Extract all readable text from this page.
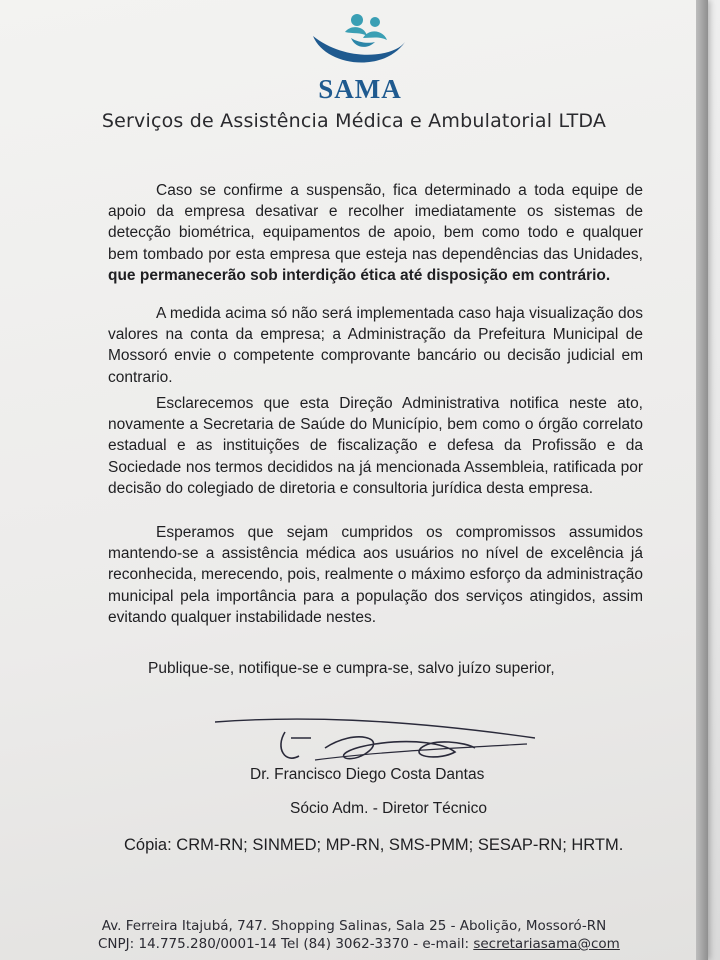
SAMA
Serviços de Assistência Médica e Ambulatorial LTDA

Caso se confirme a suspensão, fica determinado a toda equipe de apoio da empresa desativar e recolher imediatamente os sistemas de detecção biométrica, equipamentos de apoio, bem como todo e qualquer bem tombado por esta empresa que esteja nas dependências das Unidades, que permanecerão sob interdição ética até disposição em contrário.

A medida acima só não será implementada caso haja visualização dos valores na conta da empresa; a Administração da Prefeitura Municipal de Mossoró envie o competente comprovante bancário ou decisão judicial em contrario.

Esclarecemos que esta Direção Administrativa notifica neste ato, novamente a Secretaria de Saúde do Município, bem como o órgão correlato estadual e as instituições de fiscalização e defesa da Profissão e da Sociedade nos termos decididos na já mencionada Assembleia, ratificada por decisão do colegiado de diretoria e consultoria jurídica desta empresa.

Esperamos que sejam cumpridos os compromissos assumidos mantendo-se a assistência médica aos usuários no nível de excelência já reconhecida, merecendo, pois, realmente o máximo esforço da administração municipal pela importância para a população dos serviços atingidos, assim evitando qualquer instabilidade nestes.

Publique-se, notifique-se e cumpra-se, salvo juízo superior,
Dr. Francisco Diego Costa Dantas
Sócio Adm. - Diretor Técnico
Cópia: CRM-RN; SINMED; MP-RN, SMS-PMM; SESAP-RN; HRTM.
Av. Ferreira Itajubá, 747. Shopping Salinas, Sala 25 - Abolição, Mossoró-RN
CNPJ: 14.775.280/0001-14 Tel (84) 3062-3370 - e-mail: secretariasama@com
